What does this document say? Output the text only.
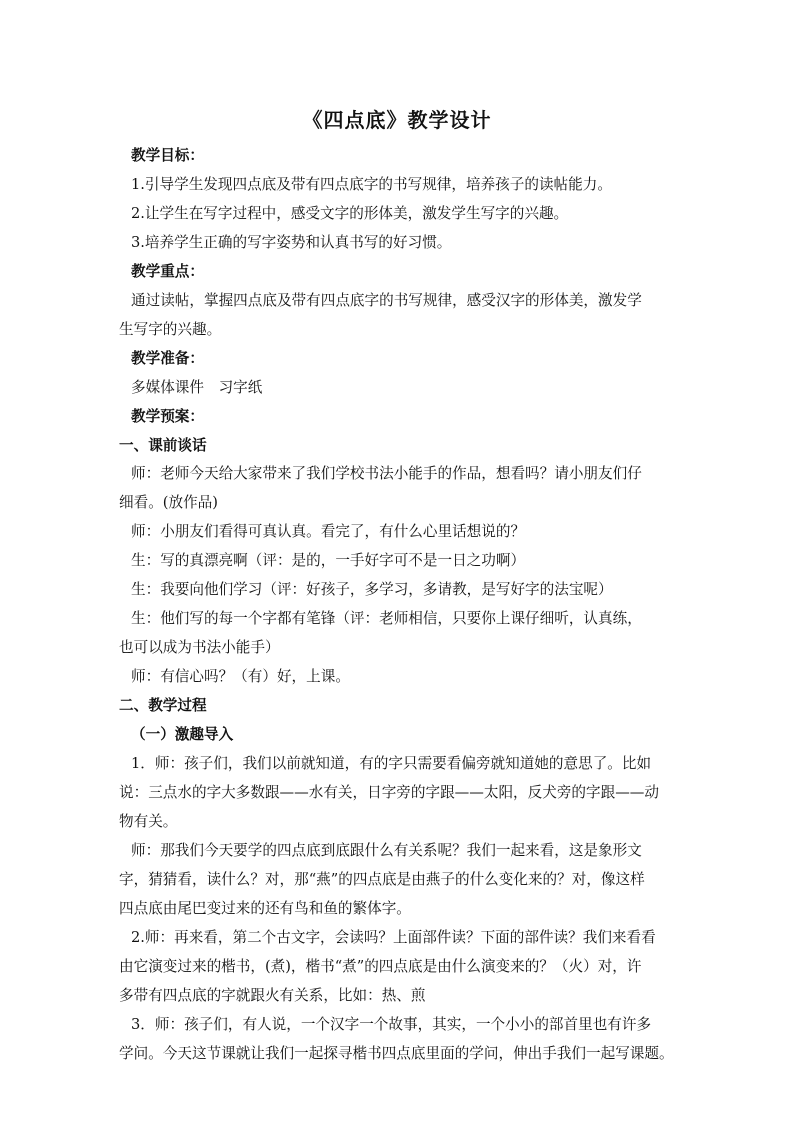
《四点底》教学设计
教学目标：
1.引导学生发现四点底及带有四点底字的书写规律，培养孩子的读帖能力。
2.让学生在写字过程中，感受文字的形体美，激发学生写字的兴趣。
3.培养学生正确的写字姿势和认真书写的好习惯。
教学重点：
通过读帖，掌握四点底及带有四点底字的书写规律，感受汉字的形体美，激发学
生写字的兴趣。
教学准备：
多媒体课件　习字纸
教学预案：
一、课前谈话
师：老师今天给大家带来了我们学校书法小能手的作品，想看吗？请小朋友们仔
细看。(放作品)
师：小朋友们看得可真认真。看完了，有什么心里话想说的？
生：写的真漂亮啊（评：是的，一手好字可不是一日之功啊）
生：我要向他们学习（评：好孩子，多学习，多请教，是写好字的法宝呢）
生：他们写的每一个字都有笔锋（评：老师相信，只要你上课仔细听，认真练，
也可以成为书法小能手）
师：有信心吗？（有）好，上课。
二、教学过程
（一）激趣导入
1．师：孩子们，我们以前就知道，有的字只需要看偏旁就知道她的意思了。比如
说：三点水的字大多数跟——水有关，日字旁的字跟——太阳，反犬旁的字跟——动
物有关。
师：那我们今天要学的四点底到底跟什么有关系呢？我们一起来看，这是象形文
字，猜猜看，读什么？对，那“燕”的四点底是由燕子的什么变化来的？对，像这样
四点底由尾巴变过来的还有鸟和鱼的繁体字。
2.师：再来看，第二个古文字，会读吗？上面部件读？下面的部件读？我们来看看
由它演变过来的楷书，(煮)，楷书“煮”的四点底是由什么演变来的？（火）对，许
多带有四点底的字就跟火有关系，比如：热、煎
3．师：孩子们，有人说，一个汉字一个故事，其实，一个小小的部首里也有许多
学问。今天这节课就让我们一起探寻楷书四点底里面的学问，伸出手我们一起写课题。
